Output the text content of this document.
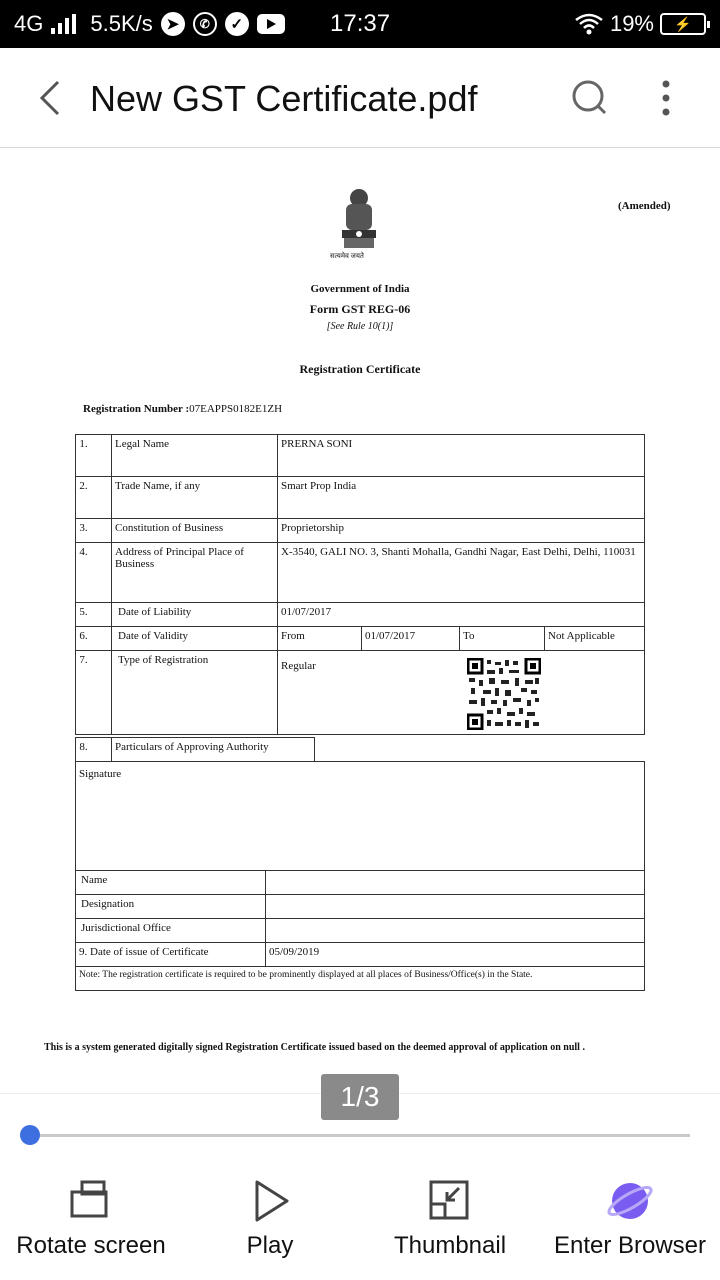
4G 5.5K/s ➤	✆	✓	17:37	19%	⚡
New GST Certificate.pdf
सत्यमेव जयते
(Amended)
Government of India
Form GST REG-06
[See Rule 10(1)]
Registration Certificate
Registration Number :07EAPPS0182E1ZH
1.	Legal Name	PRERNA SONI			
2.	Trade Name, if any	Smart Prop India			
3.	Constitution of Business	Proprietorship			
4.	Address of Principal Place of Business	X-3540, GALI NO. 3, Shanti Mohalla, Gandhi Nagar, East Delhi, Delhi, 110031			
5.	Date of Liability	01/07/2017			
6.	Date of Validity	From	01/07/2017	To	Not Applicable
7.	Type of Registration	Regular			
8.	Particulars of Approving Authority	
Signature	
Name	
Designation	
Jurisdictional Office	
9. Date of issue of Certificate	05/09/2019
Note: The registration certificate is required to be prominently displayed at all places of Business/Office(s) in the State.	
This is a system generated digitally signed Registration Certificate issued based on the deemed approval of application on null .
Rotate screen	Play	Thumbnail Enter Browser
1/3
